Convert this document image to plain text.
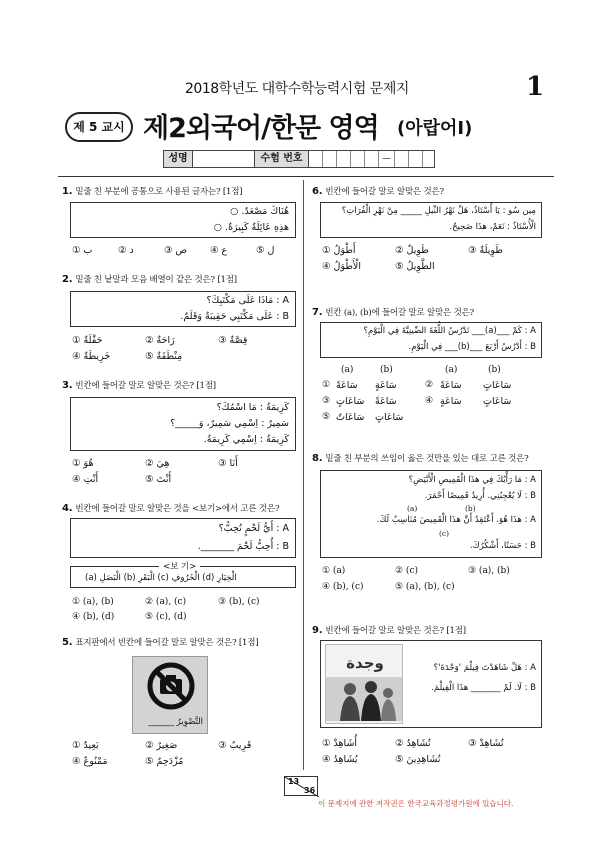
2018학년도 대학수학능력시험 문제지	1
제 5 교시 제2외국어/한문 영역 (아랍어Ⅰ)
성명	수험 번호	—
1. 밑줄 친 부분에 공통으로 사용된 글자는? [1점]
هُنَاكَ مَصْعَدٌ. ○
هذِهِ عَائِلَةٌ كَبِيرَةٌ. ○
① ب	② د	③ ص ④ ع	⑤ ل
2. 밑줄 친 낱말과 모음 배열이 같은 것은? [1점]
A : مَاذَا عَلَى مَكْتَبِكَ؟
B : عَلَى مَكْتَبِي حَقِيبَةٌ وَقَلَمٌ.
① حَقْلَةٌ	② رَاحَةٌ	③ قِصَّةٌ
④ خَرِيطَةٌ	⑤ مِنْطَقَةٌ
3. 빈칸에 들어갈 말로 알맞은 것은? [1점]
كَرِيمَةُ : مَا اسْمُكَ؟
سَمِيرٌ : اِسْمِي سَمِيرٌ، وَ_____؟
كَرِيمَةُ : اِسْمِي كَرِيمَةُ.
① هُوَ	② هِيَ	③ أَنَا
④ أَنْتِ	⑤ أَنْتَ
4. 빈칸에 들어갈 말로 알맞은 것을 <보기>에서 고른 것은?
A : أَيُّ لَحْمٍ تُحِبُّ؟
B : أُحِبُّ لَحْمَ _______.
<보 기>
(a) الْبَصَلِ (b) الْبَقَرِ (c) الْخَرُوفِ (d) الْخِيَارِ
① (a), (b)	② (a), (c)	③ (b), (c)
④ (b), (d)	⑤ (c), (d)
5. 표지판에서 빈칸에 들어갈 말로 알맞은 것은? [1점]
التَّصْوِيرُ ______
① بَعِيدٌ	② صَغِيرٌ	③ قَرِيبٌ
④ مَمْنُوعٌ	⑤ مُزْدَحِمٌ
6. 빈칸에 들어갈 말로 알맞은 것은?
مِين سُو : يَا أُسْتَاذُ، هَلْ نَهْرُ النِّيلِ _____ مِنْ نَهْرِ الْفُرَاتِ؟
الْأُسْتَاذُ : نَعَمْ، هذَا صَحِيحٌ.
① أَطْوَلُ	② طَوِيلٌ	③ طَوِيلَةٌ
④ الْأَطْوَلُ	⑤ الطَّوِيلُ
7. 빈칸 (a), (b)에 들어갈 말로 알맞은 것은?
A : كَمْ ___(a)___ تَدْرُسُ اللُّغَةَ الصِّينِيَّةَ فِي الْيَوْمِ؟
B : أَدْرُسُ أَرْبَعَ ___(b)___ فِي الْيَوْمِ.
(a)	(b)	(a)	(b)
① سَاعَةً سَاعَةٍ	② سَاعَةً سَاعَاتٍ
③ سَاعَاتٍ سَاعَةً	④ سَاعَةٍ سَاعَاتٍ
⑤ سَاعَاتٌ سَاعَاتٍ
8. 밑줄 친 부분의 쓰임이 옳은 것만을 있는 대로 고른 것은?
A : مَا رَأْيُكَ فِي هذَا الْقَمِيصِ الْأَبْيَضِ؟
B : لَا يُعْجِبُنِي. أُرِيدُ قَمِيصًا أَحْمَرَ.
(a)                    (b)
A : هذَا هُوَ. أَعْتَقِدُ أَنَّ هذَا الْقَمِيصَ مُنَاسِبٌ لَكَ.
(c)
B : حَسَنًا، أَشْكُرُكَ.
① (a)	② (c)	③ (a), (b)
④ (b), (c)	⑤ (a), (b), (c)
9. 빈칸에 들어갈 말로 알맞은 것은? [1점]
وجدة	A : هَلْ شَاهَدْتَ فِيلْمَ 'وَجْدَةَ'؟
B : لَا. لَمْ _______ هذَا الْفِيلْمَ.
① أُشَاهِدْ	② تُشَاهِدُ	③ تُشَاهِدْ
④ يُشَاهِدُ	⑤ تُشَاهِدِينَ
13
36
이 문제지에 관한 저작권은 한국교육과정평가원에 있습니다.
